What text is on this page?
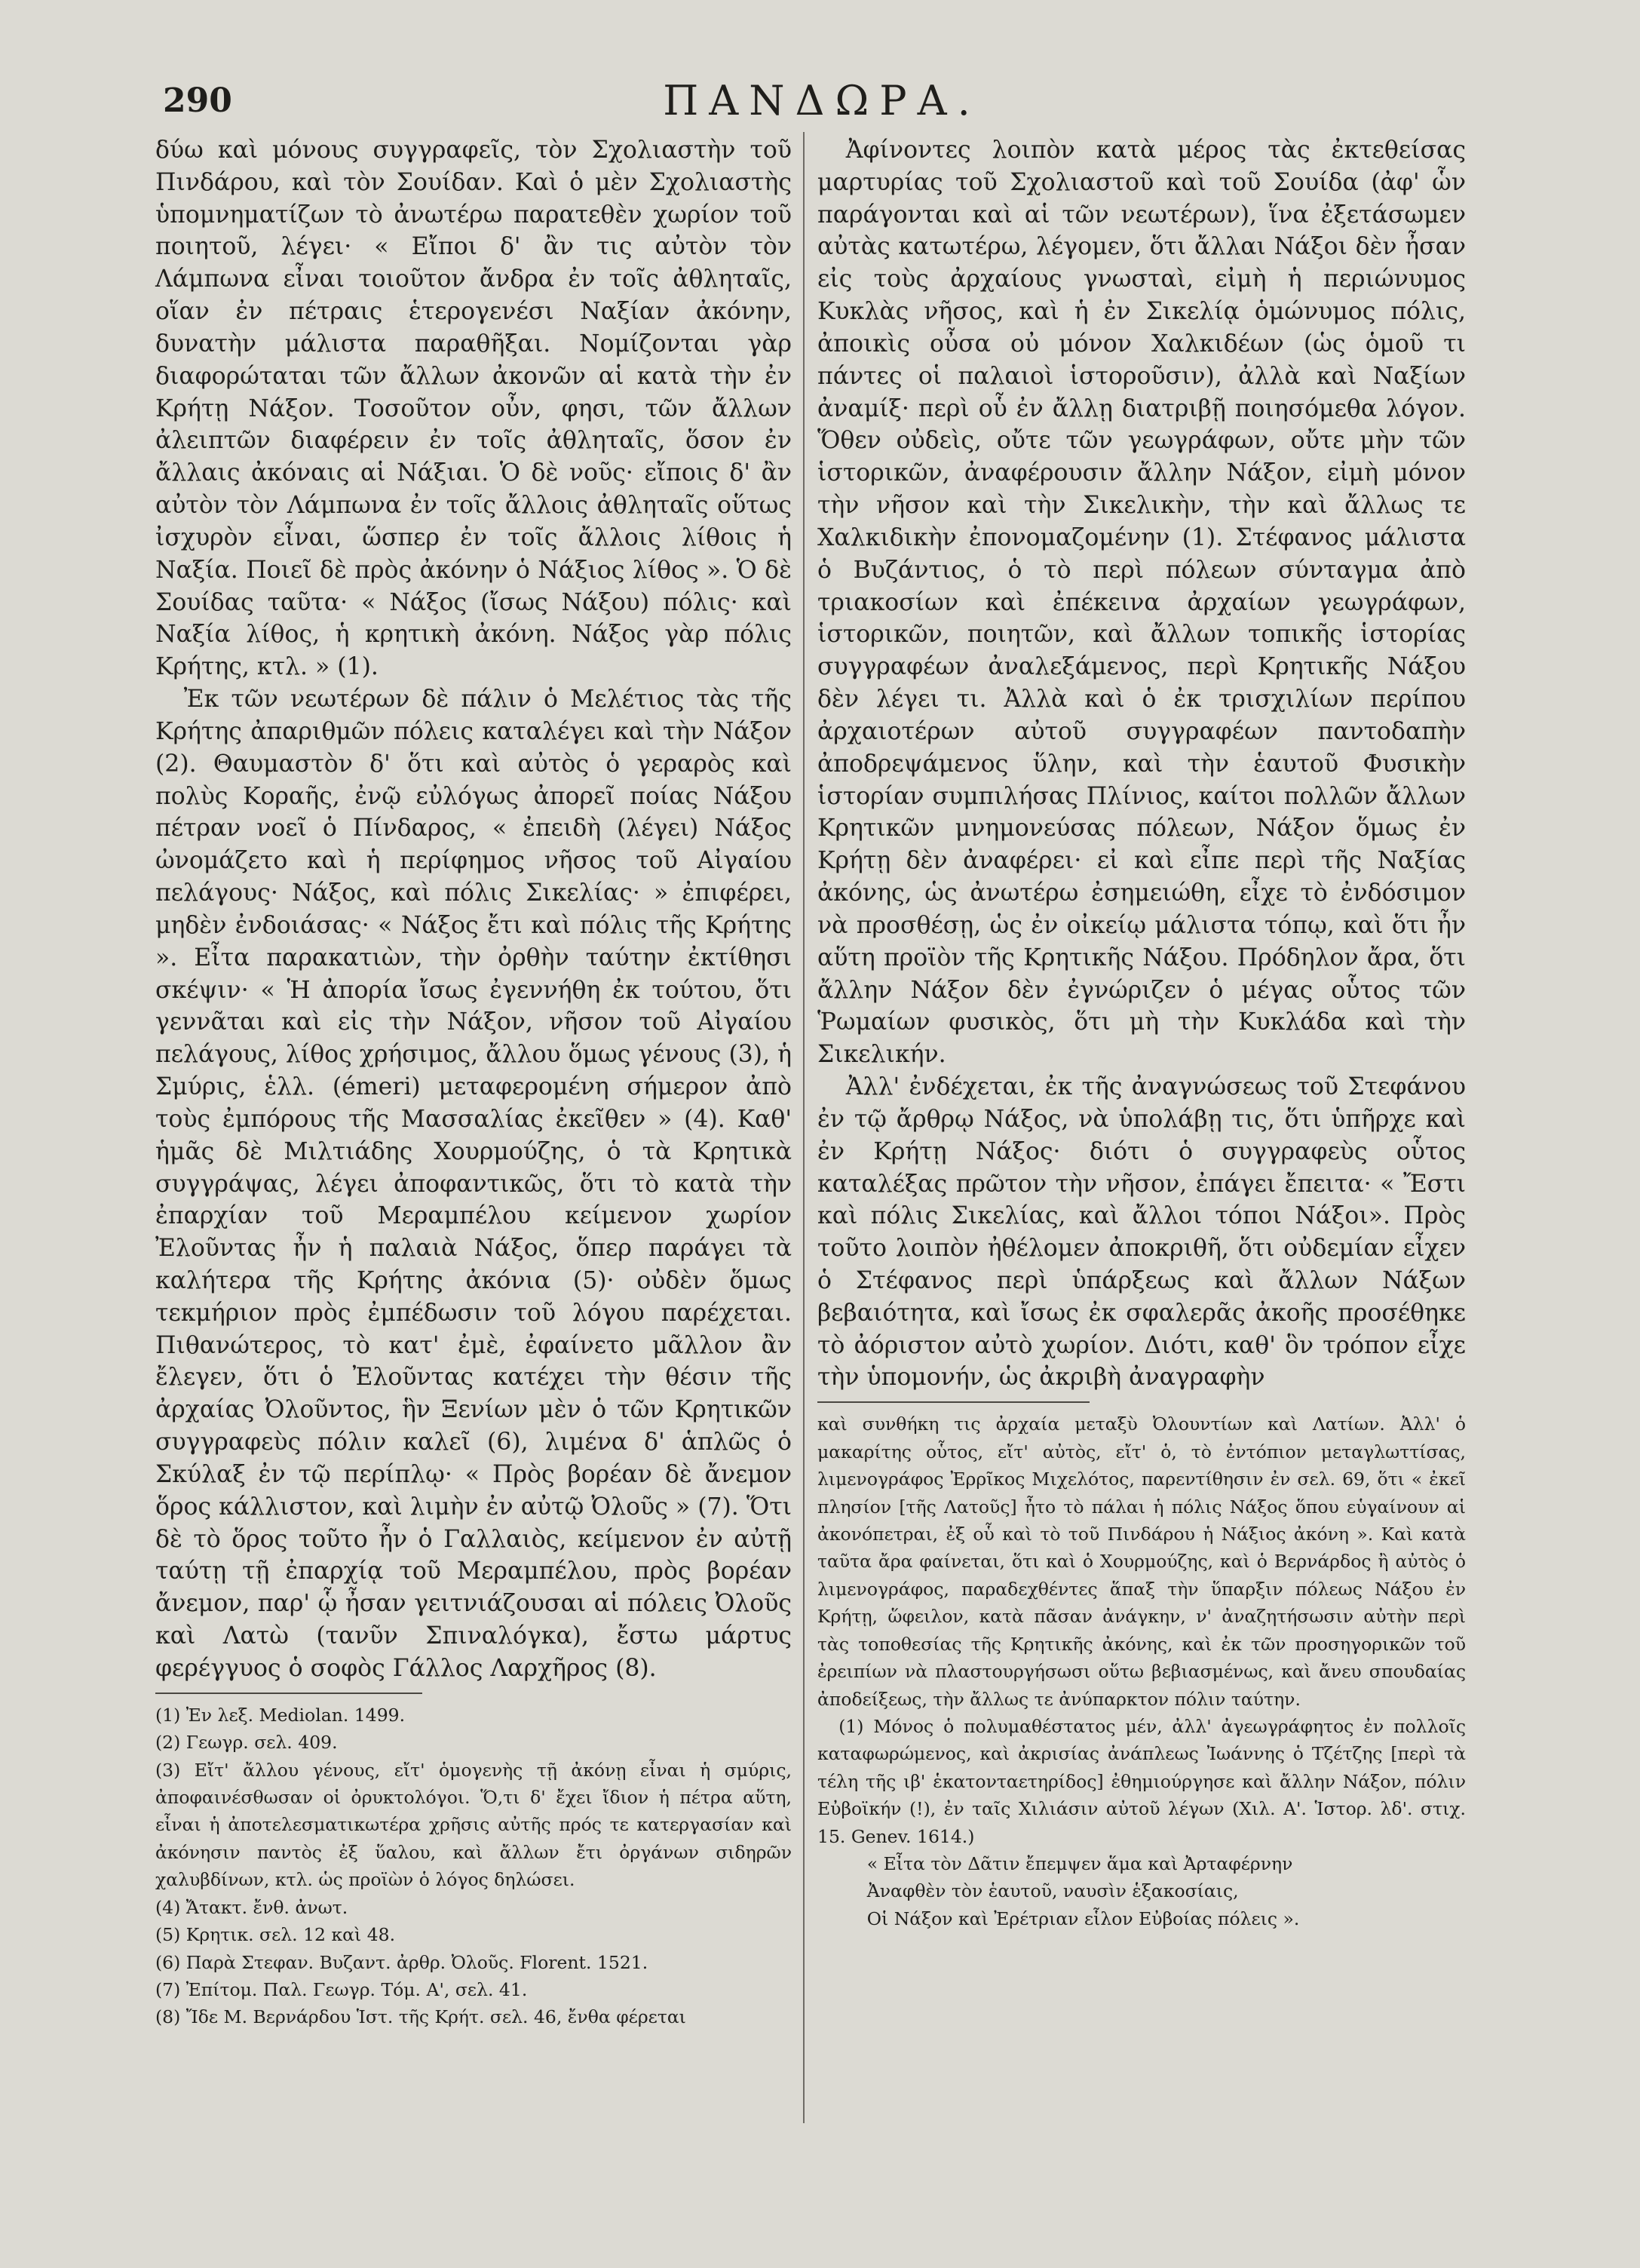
290	ΠΑΝΔΩΡΑ.

δύω καὶ μόνους συγγραφεῖς, τὸν Σχολιαστὴν τοῦ Πινδάρου, καὶ τὸν Σουίδαν. Καὶ ὁ μὲν Σχολιαστὴς ὑπομνηματίζων τὸ ἀνωτέρω παρατεθὲν χωρίον τοῦ ποιητοῦ, λέγει· « Εἴποι δ' ἂν τις αὐτὸν τὸν Λάμπωνα εἶναι τοιοῦτον ἄνδρα ἐν τοῖς ἀθληταῖς, οἵαν ἐν πέτραις ἑτερογενέσι Ναξίαν ἀκόνην, δυνατὴν μάλιστα παραθῆξαι. Νομίζονται γὰρ διαφορώταται τῶν ἄλλων ἀκονῶν αἱ κατὰ τὴν ἐν Κρήτῃ Νάξον. Τοσοῦτον οὖν, φησι, τῶν ἄλλων ἀλειπτῶν διαφέρειν ἐν τοῖς ἀθληταῖς, ὅσον ἐν ἄλλαις ἀκόναις αἱ Νάξιαι. Ὁ δὲ νοῦς· εἴποις δ' ἂν αὐτὸν τὸν Λάμπωνα ἐν τοῖς ἄλλοις ἀθληταῖς οὕτως ἰσχυρὸν εἶναι, ὥσπερ ἐν τοῖς ἄλλοις λίθοις ἡ Ναξία. Ποιεῖ δὲ πρὸς ἀκόνην ὁ Νάξιος λίθος ». Ὁ δὲ Σουίδας ταῦτα· « Νάξος (ἴσως Νάξου) πόλις· καὶ Ναξία λίθος, ἡ κρητικὴ ἀκόνη. Νάξος γὰρ πόλις Κρήτης, κτλ. » (1).

Ἐκ τῶν νεωτέρων δὲ πάλιν ὁ Μελέτιος τὰς τῆς Κρήτης ἀπαριθμῶν πόλεις καταλέγει καὶ τὴν Νάξον (2). Θαυμαστὸν δ' ὅτι καὶ αὐτὸς ὁ γεραρὸς καὶ πολὺς Κοραῆς, ἐνῷ εὐλόγως ἀπορεῖ ποίας Νάξου πέτραν νοεῖ ὁ Πίνδαρος, « ἐπειδὴ (λέγει) Νάξος ὠνομάζετο καὶ ἡ περίφημος νῆσος τοῦ Αἰγαίου πελάγους· Νάξος, καὶ πόλις Σικελίας· » ἐπιφέρει, μηδὲν ἐνδοιάσας· « Νάξος ἔτι καὶ πόλις τῆς Κρήτης ». Εἶτα παρακατιὼν, τὴν ὀρθὴν ταύτην ἐκτίθησι σκέψιν· « Ἡ ἀπορία ἴσως ἐγεννήθη ἐκ τούτου, ὅτι γεννᾶται καὶ εἰς τὴν Νάξον, νῆσον τοῦ Αἰγαίου πελάγους, λίθος χρήσιμος, ἄλλου ὅμως γένους (3), ἡ Σμύρις, ἑλλ. (émeri) μεταφερομένη σήμερον ἀπὸ τοὺς ἐμπόρους τῆς Μασσαλίας ἐκεῖθεν » (4). Καθ' ἡμᾶς δὲ Μιλτιάδης Χουρμούζης, ὁ τὰ Κρητικὰ συγγράψας, λέγει ἀποφαντικῶς, ὅτι τὸ κατὰ τὴν ἐπαρχίαν τοῦ Μεραμπέλου κείμενον χωρίον Ἐλοῦντας ἦν ἡ παλαιὰ Νάξος, ὅπερ παράγει τὰ καλήτερα τῆς Κρήτης ἀκόνια (5)· οὐδὲν ὅμως τεκμήριον πρὸς ἐμπέδωσιν τοῦ λόγου παρέχεται. Πιθανώτερος, τὸ κατ' ἐμὲ, ἐφαίνετο μᾶλλον ἂν ἔλεγεν, ὅτι ὁ Ἐλοῦντας κατέχει τὴν θέσιν τῆς ἀρχαίας Ὀλοῦντος, ἣν Ξενίων μὲν ὁ τῶν Κρητικῶν συγγραφεὺς πόλιν καλεῖ (6), λιμένα δ' ἁπλῶς ὁ Σκύλαξ ἐν τῷ περίπλῳ· « Πρὸς βορέαν δὲ ἄνεμον ὅρος κάλλιστον, καὶ λιμὴν ἐν αὐτῷ Ὀλοῦς » (7). Ὅτι δὲ τὸ ὅρος τοῦτο ἦν ὁ Γαλλαιὸς, κείμενον ἐν αὐτῇ ταύτῃ τῇ ἐπαρχίᾳ τοῦ Μεραμπέλου, πρὸς βορέαν ἄνεμον, παρ' ᾧ ἦσαν γειτνιάζουσαι αἱ πόλεις Ὀλοῦς καὶ Λατὼ (τανῦν Σπιναλόγκα), ἔστω μάρτυς φερέγγυος ὁ σοφὸς Γάλλος Λαρχῆρος (8).

(1) Ἐν λεξ. Mediolan. 1499.

(2) Γεωγρ. σελ. 409.

(3) Εἴτ' ἄλλου γένους, εἴτ' ὁμογενὴς τῇ ἀκόνῃ εἶναι ἡ σμύρις, ἀποφαινέσθωσαν οἱ ὀρυκτολόγοι. Ὅ,τι δ' ἔχει ἴδιον ἡ πέτρα αὕτη, εἶναι ἡ ἀποτελεσματικωτέρα χρῆσις αὐτῆς πρός τε κατεργασίαν καὶ ἀκόνησιν παντὸς ἐξ ὕαλου, καὶ ἄλλων ἔτι ὀργάνων σιδηρῶν χαλυβδίνων, κτλ. ὡς προϊὼν ὁ λόγος δηλώσει.

(4) Ἄτακτ. ἔνθ. ἀνωτ.

(5) Κρητικ. σελ. 12 καὶ 48.

(6) Παρὰ Στεφαν. Βυζαντ. ἀρθρ. Ὀλοῦς. Florent. 1521.

(7) Ἐπίτομ. Παλ. Γεωγρ. Τόμ. Α', σελ. 41.

(8) Ἴδε Μ. Βερνάρδου Ἱστ. τῆς Κρήτ. σελ. 46, ἔνθα φέρεται

Ἀφίνοντες λοιπὸν κατὰ μέρος τὰς ἐκτεθείσας μαρτυρίας τοῦ Σχολιαστοῦ καὶ τοῦ Σουίδα (ἀφ' ὧν παράγονται καὶ αἱ τῶν νεωτέρων), ἵνα ἐξετάσωμεν αὐτὰς κατωτέρω, λέγομεν, ὅτι ἄλλαι Νάξοι δὲν ἦσαν εἰς τοὺς ἀρχαίους γνωσταὶ, εἰμὴ ἡ περιώνυμος Κυκλὰς νῆσος, καὶ ἡ ἐν Σικελίᾳ ὁμώνυμος πόλις, ἀποικὶς οὖσα οὐ μόνον Χαλκιδέων (ὡς ὁμοῦ τι πάντες οἱ παλαιοὶ ἱστοροῦσιν), ἀλλὰ καὶ Ναξίων ἀναμίξ· περὶ οὗ ἐν ἄλλῃ διατριβῇ ποιησόμεθα λόγον. Ὅθεν οὐδεὶς, οὔτε τῶν γεωγράφων, οὔτε μὴν τῶν ἱστορικῶν, ἀναφέρουσιν ἄλλην Νάξον, εἰμὴ μόνον τὴν νῆσον καὶ τὴν Σικελικὴν, τὴν καὶ ἄλλως τε Χαλκιδικὴν ἐπονομαζομένην (1). Στέφανος μάλιστα ὁ Βυζάντιος, ὁ τὸ περὶ πόλεων σύνταγμα ἀπὸ τριακοσίων καὶ ἐπέκεινα ἀρχαίων γεωγράφων, ἱστορικῶν, ποιητῶν, καὶ ἄλλων τοπικῆς ἱστορίας συγγραφέων ἀναλεξάμενος, περὶ Κρητικῆς Νάξου δὲν λέγει τι. Ἀλλὰ καὶ ὁ ἐκ τρισχιλίων περίπου ἀρχαιοτέρων αὐτοῦ συγγραφέων παντοδαπὴν ἀποδρεψάμενος ὕλην, καὶ τὴν ἑαυτοῦ Φυσικὴν ἱστορίαν συμπιλήσας Πλίνιος, καίτοι πολλῶν ἄλλων Κρητικῶν μνημονεύσας πόλεων, Νάξον ὅμως ἐν Κρήτῃ δὲν ἀναφέρει· εἰ καὶ εἶπε περὶ τῆς Ναξίας ἀκόνης, ὡς ἀνωτέρω ἐσημειώθη, εἶχε τὸ ἐνδόσιμον νὰ προσθέσῃ, ὡς ἐν οἰκείῳ μάλιστα τόπῳ, καὶ ὅτι ἦν αὕτη προϊὸν τῆς Κρητικῆς Νάξου. Πρόδηλον ἄρα, ὅτι ἄλλην Νάξον δὲν ἐγνώριζεν ὁ μέγας οὗτος τῶν Ῥωμαίων φυσικὸς, ὅτι μὴ τὴν Κυκλάδα καὶ τὴν Σικελικήν.

Ἀλλ' ἐνδέχεται, ἐκ τῆς ἀναγνώσεως τοῦ Στεφάνου ἐν τῷ ἄρθρῳ Νάξος, νὰ ὑπολάβῃ τις, ὅτι ὑπῆρχε καὶ ἐν Κρήτῃ Νάξος· διότι ὁ συγγραφεὺς οὗτος καταλέξας πρῶτον τὴν νῆσον, ἐπάγει ἔπειτα· « Ἔστι καὶ πόλις Σικελίας, καὶ ἄλλοι τόποι Νάξοι». Πρὸς τοῦτο λοιπὸν ἠθέλομεν ἀποκριθῆ, ὅτι οὐδεμίαν εἶχεν ὁ Στέφανος περὶ ὑπάρξεως καὶ ἄλλων Νάξων βεβαιότητα, καὶ ἴσως ἐκ σφαλερᾶς ἀκοῆς προσέθηκε τὸ ἀόριστον αὐτὸ χωρίον. Διότι, καθ' ὃν τρόπον εἶχε τὴν ὑπομονήν, ὡς ἀκριβὴ ἀναγραφὴν

καὶ συνθήκη τις ἀρχαία μεταξὺ Ὀλουντίων καὶ Λατίων. Ἀλλ' ὁ μακαρίτης οὗτος, εἴτ' αὐτὸς, εἴτ' ὁ, τὸ ἐντόπιον μεταγλωττίσας, λιμενογράφος Ἐρρῖκος Μιχελότος, παρεντίθησιν ἐν σελ. 69, ὅτι « ἐκεῖ πλησίον [τῆς Λατοῦς] ἦτο τὸ πάλαι ἡ πόλις Νάξος ὅπου εὑγαίνουν αἱ ἀκονόπετραι, ἐξ οὗ καὶ τὸ τοῦ Πινδάρου ἡ Νάξιος ἀκόνη ». Καὶ κατὰ ταῦτα ἄρα φαίνεται, ὅτι καὶ ὁ Χουρμούζης, καὶ ὁ Βερνάρδος ἢ αὐτὸς ὁ λιμενογράφος, παραδεχθέντες ἅπαξ τὴν ὕπαρξιν πόλεως Νάξου ἐν Κρήτῃ, ὥφειλον, κατὰ πᾶσαν ἀνάγκην, ν' ἀναζητήσωσιν αὐτὴν περὶ τὰς τοποθεσίας τῆς Κρητικῆς ἀκόνης, καὶ ἐκ τῶν προσηγορικῶν τοῦ ἐρειπίων νὰ πλαστουργήσωσι οὕτω βεβιασμένως, καὶ ἄνευ σπουδαίας ἀποδείξεως, τὴν ἄλλως τε ἀνύπαρκτον πόλιν ταύτην.

(1) Μόνος ὁ πολυμαθέστατος μέν, ἀλλ' ἀγεωγράφητος ἐν πολλοῖς καταφωρώμενος, καὶ ἀκρισίας ἀνάπλεως Ἰωάννης ὁ Τζέτζης [περὶ τὰ τέλη τῆς ιβ' ἑκατονταετηρίδος] ἐθημιούργησε καὶ ἄλλην Νάξον, πόλιν Εὐβοϊκήν (!), ἐν ταῖς Χιλιάσιν αὐτοῦ λέγων (Χιλ. Α'. Ἱστορ. λδ'. στιχ. 15. Genev. 1614.)

« Εἶτα τὸν Δᾶτιν ἔπεμψεν ἅμα καὶ Ἀρταφέρνην

Ἀναφθὲν τὸν ἑαυτοῦ, ναυσὶν ἑξακοσίαις,

Οἱ Νάξον καὶ Ἐρέτριαν εἷλον Εὐβοίας πόλεις ».
